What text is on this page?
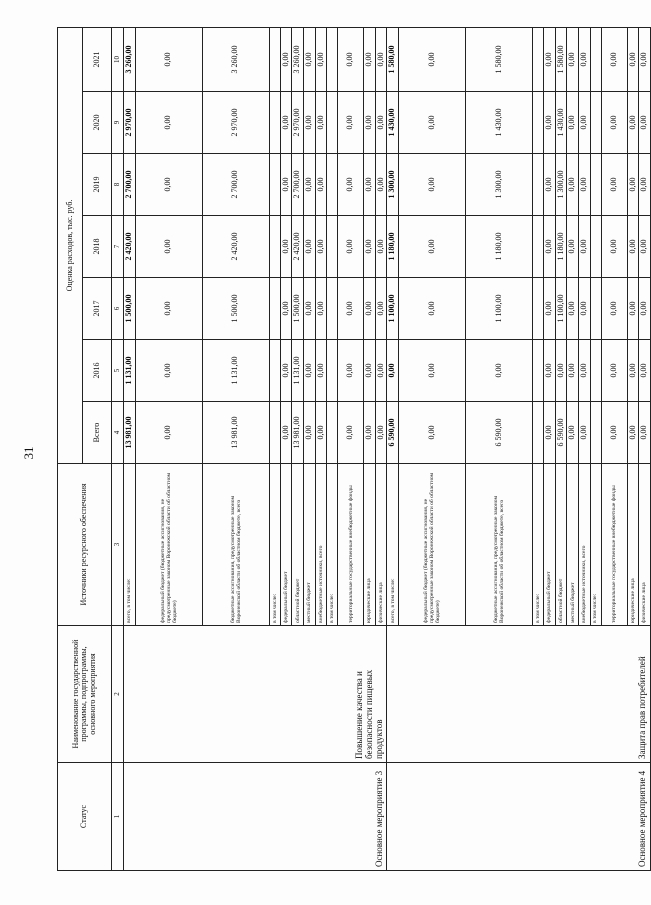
31
Статус	Наименование государственной программы, подпрограммы, основного мероприятия	Источники ресурсного обеспечения	Оценка расходов, тыс. руб.						
			Всего	2016	2017	2018	2019	2020	2021
1	2	3	4	5	6	7	8	9	10
Основное мероприятие 3	Повышение качества и безопасности пищевых продуктов	всего, в том числе:	13 981,00	1 131,00	1 500,00	2 420,00	2 700,00	2 970,00	3 260,00
		федеральный бюджет (бюджетные ассигнования, не предусмотренные законом Воронежской области об областном бюджете)	0,00	0,00	0,00	0,00	0,00	0,00	0,00
		бюджетные ассигнования, предусмотренные законом Воронежской области об областном бюджете, всего	13 981,00	1 131,00	1 500,00	2 420,00	2 700,00	2 970,00	3 260,00
		в том числе:							
		федеральный бюджет	0,00	0,00	0,00	0,00	0,00	0,00	0,00
		областной бюджет	13 981,00	1 131,00	1 500,00	2 420,00	2 700,00	2 970,00	3 260,00
		местный бюджет	0,00	0,00	0,00	0,00	0,00	0,00	0,00
		внебюджетные источники, всего	0,00	0,00	0,00	0,00	0,00	0,00	0,00
		в том числе:							
		территориальные государственные внебюджетные фонды	0,00	0,00	0,00	0,00	0,00	0,00	0,00
		юридические лица	0,00	0,00	0,00	0,00	0,00	0,00	0,00
		физические лица	0,00	0,00	0,00	0,00	0,00	0,00	0,00
Основное мероприятие 4	Защита прав потребителей	всего, в том числе:	6 590,00	0,00	1 100,00	1 180,00	1 300,00	1 430,00	1 580,00
		федеральный бюджет (бюджетные ассигнования, не предусмотренные законом Воронежской области об областном бюджете)	0,00	0,00	0,00	0,00	0,00	0,00	0,00
		бюджетные ассигнования, предусмотренные законом Воронежской области об областном бюджете, всего	6 590,00	0,00	1 100,00	1 180,00	1 300,00	1 430,00	1 580,00
		в том числе:							
		федеральный бюджет	0,00	0,00	0,00	0,00	0,00	0,00	0,00
		областной бюджет	6 590,00	0,00	1 100,00	1 180,00	1 300,00	1 430,00	1 580,00
		местный бюджет	0,00	0,00	0,00	0,00	0,00	0,00	0,00
		внебюджетные источники, всего	0,00	0,00	0,00	0,00	0,00	0,00	0,00
		в том числе:							
		территориальные государственные внебюджетные фонды	0,00	0,00	0,00	0,00	0,00	0,00	0,00
		юридические лица	0,00	0,00	0,00	0,00	0,00	0,00	0,00
		физические лица	0,00	0,00	0,00	0,00	0,00	0,00	0,00
